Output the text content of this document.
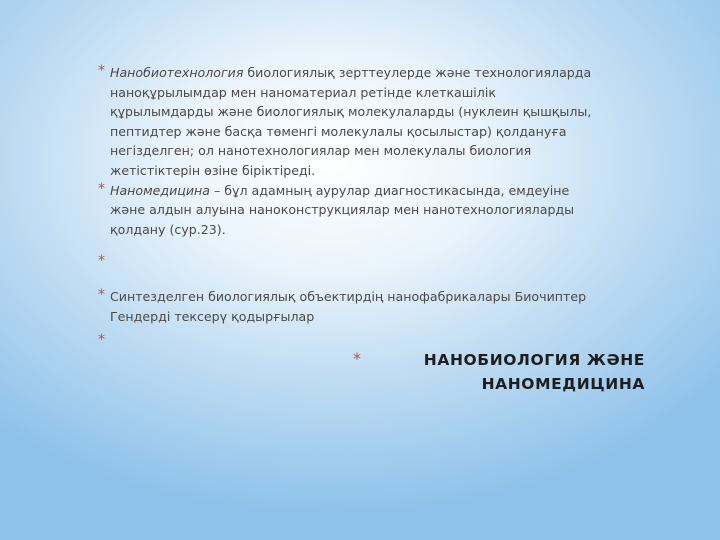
* Нанобиотехнология биологиялық зерттеулерде және технологияларда наноқұрылымдар мен наноматериал ретінде клеткашілік құрылымдарды және биологиялық молекулаларды (нуклеин қышқылы, пептидтер және басқа төменгі молекулалы қосылыстар) қолдануға негізделген; ол нанотехнологиялар мен молекулалы биология жетістіктерін өзіне біріктіреді.
* Наномедицина – бұл адамның аурулар диагностикасында, емдеуіне және алдын алуына наноконструкциялар мен нанотехнологияларды қолдану (сур.23).
*

* Синтезделген биологиялық объектирдің нанофабрикалары Биочиптер Гендерді тексерү қодырғылар
*

*	НАНОБИОЛОГИЯ ЖӘНЕ
НАНОМЕДИЦИНА
